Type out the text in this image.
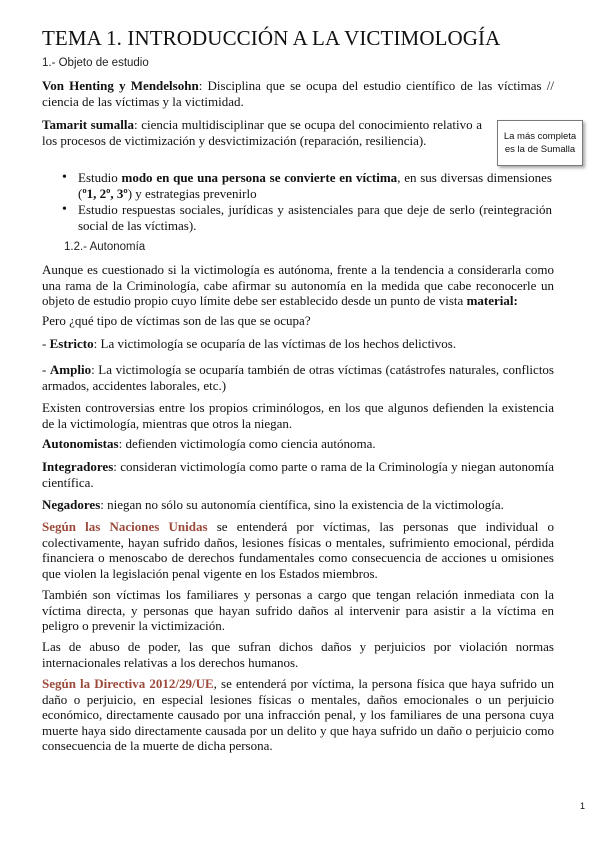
TEMA 1. INTRODUCCIÓN A LA VICTIMOLOGÍA
1.- Objeto de estudio
Von Henting y Mendelsohn: Disciplina que se ocupa del estudio científico de las víctimas // ciencia de las víctimas y la victimidad.
Tamarit sumalla: ciencia multidisciplinar que se ocupa del conocimiento relativo a los procesos de victimización y desvictimización (reparación, resiliencia).	La más completa es la de Sumalla
• Estudio modo en que una persona se convierte en víctima, en sus diversas dimensiones (º1, 2º, 3º) y estrategias prevenirlo
• Estudio respuestas sociales, jurídicas y asistenciales para que deje de serlo (reintegración social de las víctimas).
1.2.- Autonomía
Aunque es cuestionado si la victimología es autónoma, frente a la tendencia a considerarla como una rama de la Criminología, cabe afirmar su autonomía en la medida que cabe reconocerle un objeto de estudio propio cuyo límite debe ser establecido desde un punto de vista material:
Pero ¿qué tipo de víctimas son de las que se ocupa?
- Estricto: La victimología se ocuparía de las víctimas de los hechos delictivos.
- Amplio: La victimología se ocuparía también de otras víctimas (catástrofes naturales, conflictos armados, accidentes laborales, etc.)
Existen controversias entre los propios criminólogos, en los que algunos defienden la existencia de la victimología, mientras que otros la niegan.
Autonomistas: defienden victimología como ciencia autónoma.
Integradores: consideran victimología como parte o rama de la Criminología y niegan autonomía científica.
Negadores: niegan no sólo su autonomía científica, sino la existencia de la victimología.
Según las Naciones Unidas se entenderá por víctimas, las personas que individual o colectivamente, hayan sufrido daños, lesiones físicas o mentales, sufrimiento emocional, pérdida financiera o menoscabo de derechos fundamentales como consecuencia de acciones u omisiones que violen la legislación penal vigente en los Estados miembros.
También son víctimas los familiares y personas a cargo que tengan relación inmediata con la víctima directa, y personas que hayan sufrido daños al intervenir para asistir a la víctima en peligro o prevenir la victimización.
Las de abuso de poder, las que sufran dichos daños y perjuicios por violación normas internacionales relativas a los derechos humanos.
Según la Directiva 2012/29/UE, se entenderá por víctima, la persona física que haya sufrido un daño o perjuicio, en especial lesiones físicas o mentales, daños emocionales o un perjuicio económico, directamente causado por una infracción penal, y los familiares de una persona cuya muerte haya sido directamente causada por un delito y que haya sufrido un daño o perjuicio como consecuencia de la muerte de dicha persona.
1
